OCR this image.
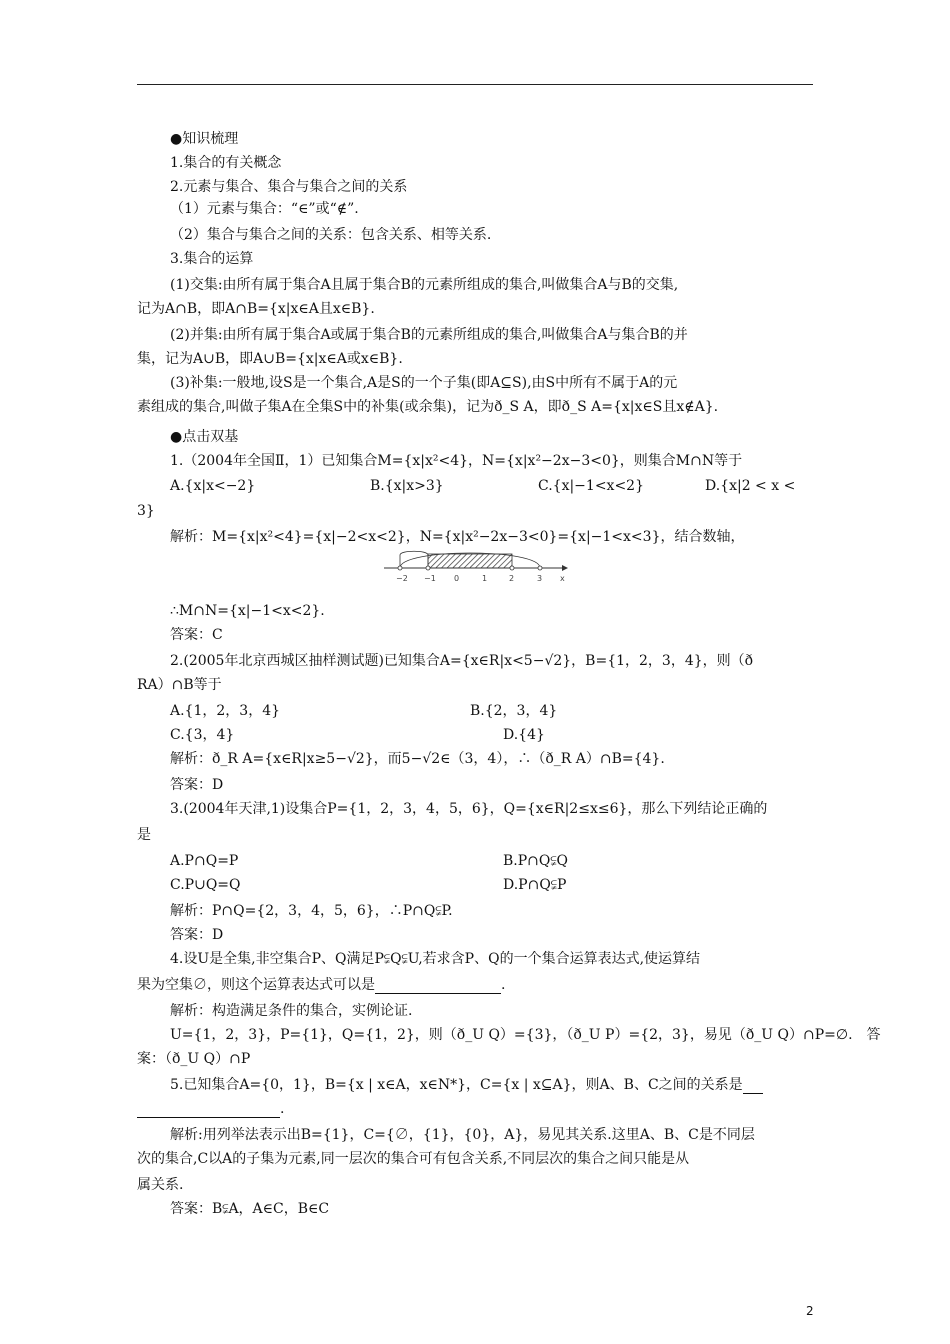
●知识梳理
1.集合的有关概念
2.元素与集合、集合与集合之间的关系
（1）元素与集合：“∈”或“∉”.
（2）集合与集合之间的关系：包含关系、相等关系.
3.集合的运算
(1)交集:由所有属于集合A且属于集合B的元素所组成的集合,叫做集合A与B的交集,
记为A∩B，即A∩B={x|x∈A且x∈B}.
(2)并集:由所有属于集合A或属于集合B的元素所组成的集合,叫做集合A与集合B的并
集，记为A∪B，即A∪B={x|x∈A或x∈B}.
(3)补集:一般地,设S是一个集合,A是S的一个子集(即A⊆S),由S中所有不属于A的元
素组成的集合,叫做子集A在全集S中的补集(或余集)，记为ð_S A，即ð_S A={x|x∈S且x∉A}.
●点击双基
1.（2004年全国Ⅱ，1）已知集合M={x|x²<4}，N={x|x²−2x−3<0}，则集合M∩N等于
A.{x|x<−2}	B.{x|x>3}	C.{x|−1<x<2}	D.{x|2 < x <
3}
解析：M={x|x²<4}={x|−2<x<2}，N={x|x²−2x−3<0}={x|−1<x<3}，结合数轴，
−2 −1 0	1	2	3 x
∴M∩N={x|−1<x<2}.
答案：C
2.(2005年北京西城区抽样测试题)已知集合A={x∈R|x<5−√2}，B={1，2，3，4}，则（ð
RA）∩B等于
A.{1，2，3，4}	B.{2，3，4}
C.{3，4}	D.{4}
解析：ð_R A={x∈R|x≥5−√2}，而5−√2∈（3，4），∴（ð_R A）∩B={4}.
答案：D
3.(2004年天津,1)设集合P={1，2，3，4，5，6}，Q={x∈R|2≤x≤6}，那么下列结论正确的
是
A.P∩Q=P	B.P∩Q⫋Q
C.P∪Q=Q	D.P∩Q⫋P
解析：P∩Q={2，3，4，5，6}，∴P∩Q⫋P.
答案：D
4.设U是全集,非空集合P、Q满足P⫋Q⫋U,若求含P、Q的一个集合运算表达式,使运算结
果为空集∅，则这个运算表达式可以是	.
解析：构造满足条件的集合，实例论证.
U={1，2，3}，P={1}，Q={1，2}，则（ð_U Q）={3}，（ð_U P）={2，3}，易见（ð_U Q）∩P=∅.　答
案：（ð_U Q）∩P
5.已知集合A={0，1}，B={x | x∈A，x∈N*}，C={x | x⊆A}，则A、B、C之间的关系是
.
解析:用列举法表示出B={1}，C={∅，{1}，{0}，A}，易见其关系.这里A、B、C是不同层
次的集合,C以A的子集为元素,同一层次的集合可有包含关系,不同层次的集合之间只能是从
属关系.
答案：B⫋A，A∈C，B∈C
2
